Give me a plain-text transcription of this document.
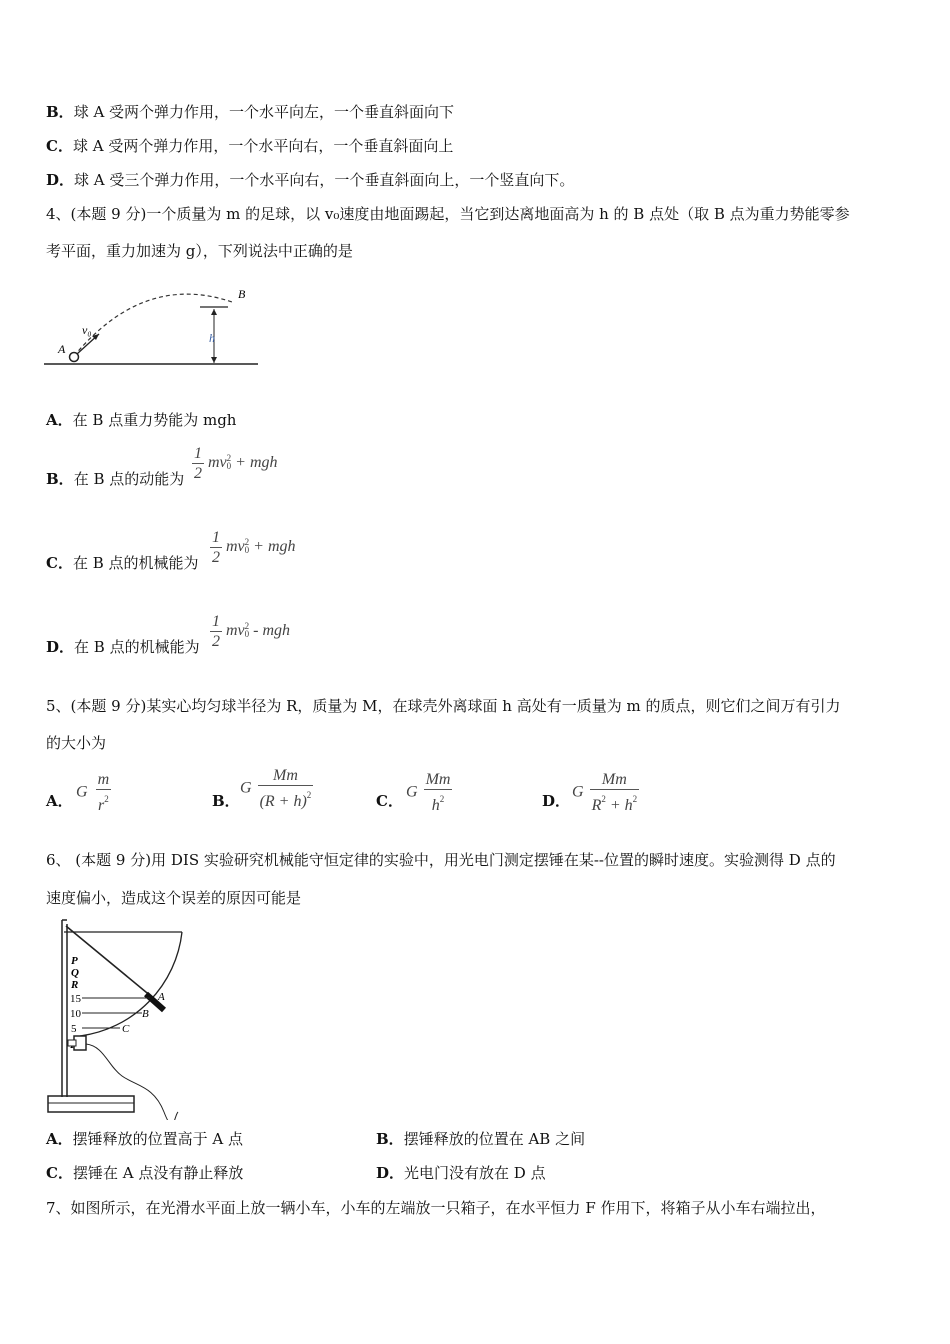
B．球 A 受两个弹力作用，一个水平向左，一个垂直斜面向下
C．球 A 受两个弹力作用，一个水平向右，一个垂直斜面向上
D．球 A 受三个弹力作用，一个水平向右，一个垂直斜面向上，一个竖直向下。
4、(本题 9 分)一个质量为 m 的足球，以 v₀速度由地面踢起，当它到达离地面高为 h 的 B 点处（取 B 点为重力势能零参
考平面，重力加速为 g），下列说法中正确的是
A
v₀
B
h
A．在 B 点重力势能为 mgh
B．在 B 点的动能为 $\frac{1}{2}$ mv 2
0 + mgh
C．在 B 点的机械能为 $\frac{1}{2}$ mv 2
0 + mgh
D．在 B 点的机械能为 $\frac{1}{2}$ mv 2
0 - mgh
5、(本题 9 分)某实心均匀球半径为 R，质量为 M，在球壳外离球面 h 高处有一质量为 m 的质点，则它们之间万有引力
的大小为
A． G $\frac{m}{r^2}$	B．
G $\frac{Mm}{(R + h)^2}$	C． G $\frac{Mm}{h^2}$	D． G $\frac{Mm}{R^2 + h^2}$
6、 (本题 9 分)用 DIS 实验研究机械能守恒定律的实验中，用光电门测定摆锤在某--位置的瞬时速度。实验测得 D 点的
速度偏小，造成这个误差的原因可能是
P
Q
R
15
10
5
A
B
C
A．摆锤释放的位置高于 A 点	B．摆锤释放的位置在 AB 之间
C．摆锤在 A 点没有静止释放	D．光电门没有放在 D 点
7、如图所示，在光滑水平面上放一辆小车，小车的左端放一只箱子，在水平恒力 F 作用下，将箱子从小车右端拉出，
